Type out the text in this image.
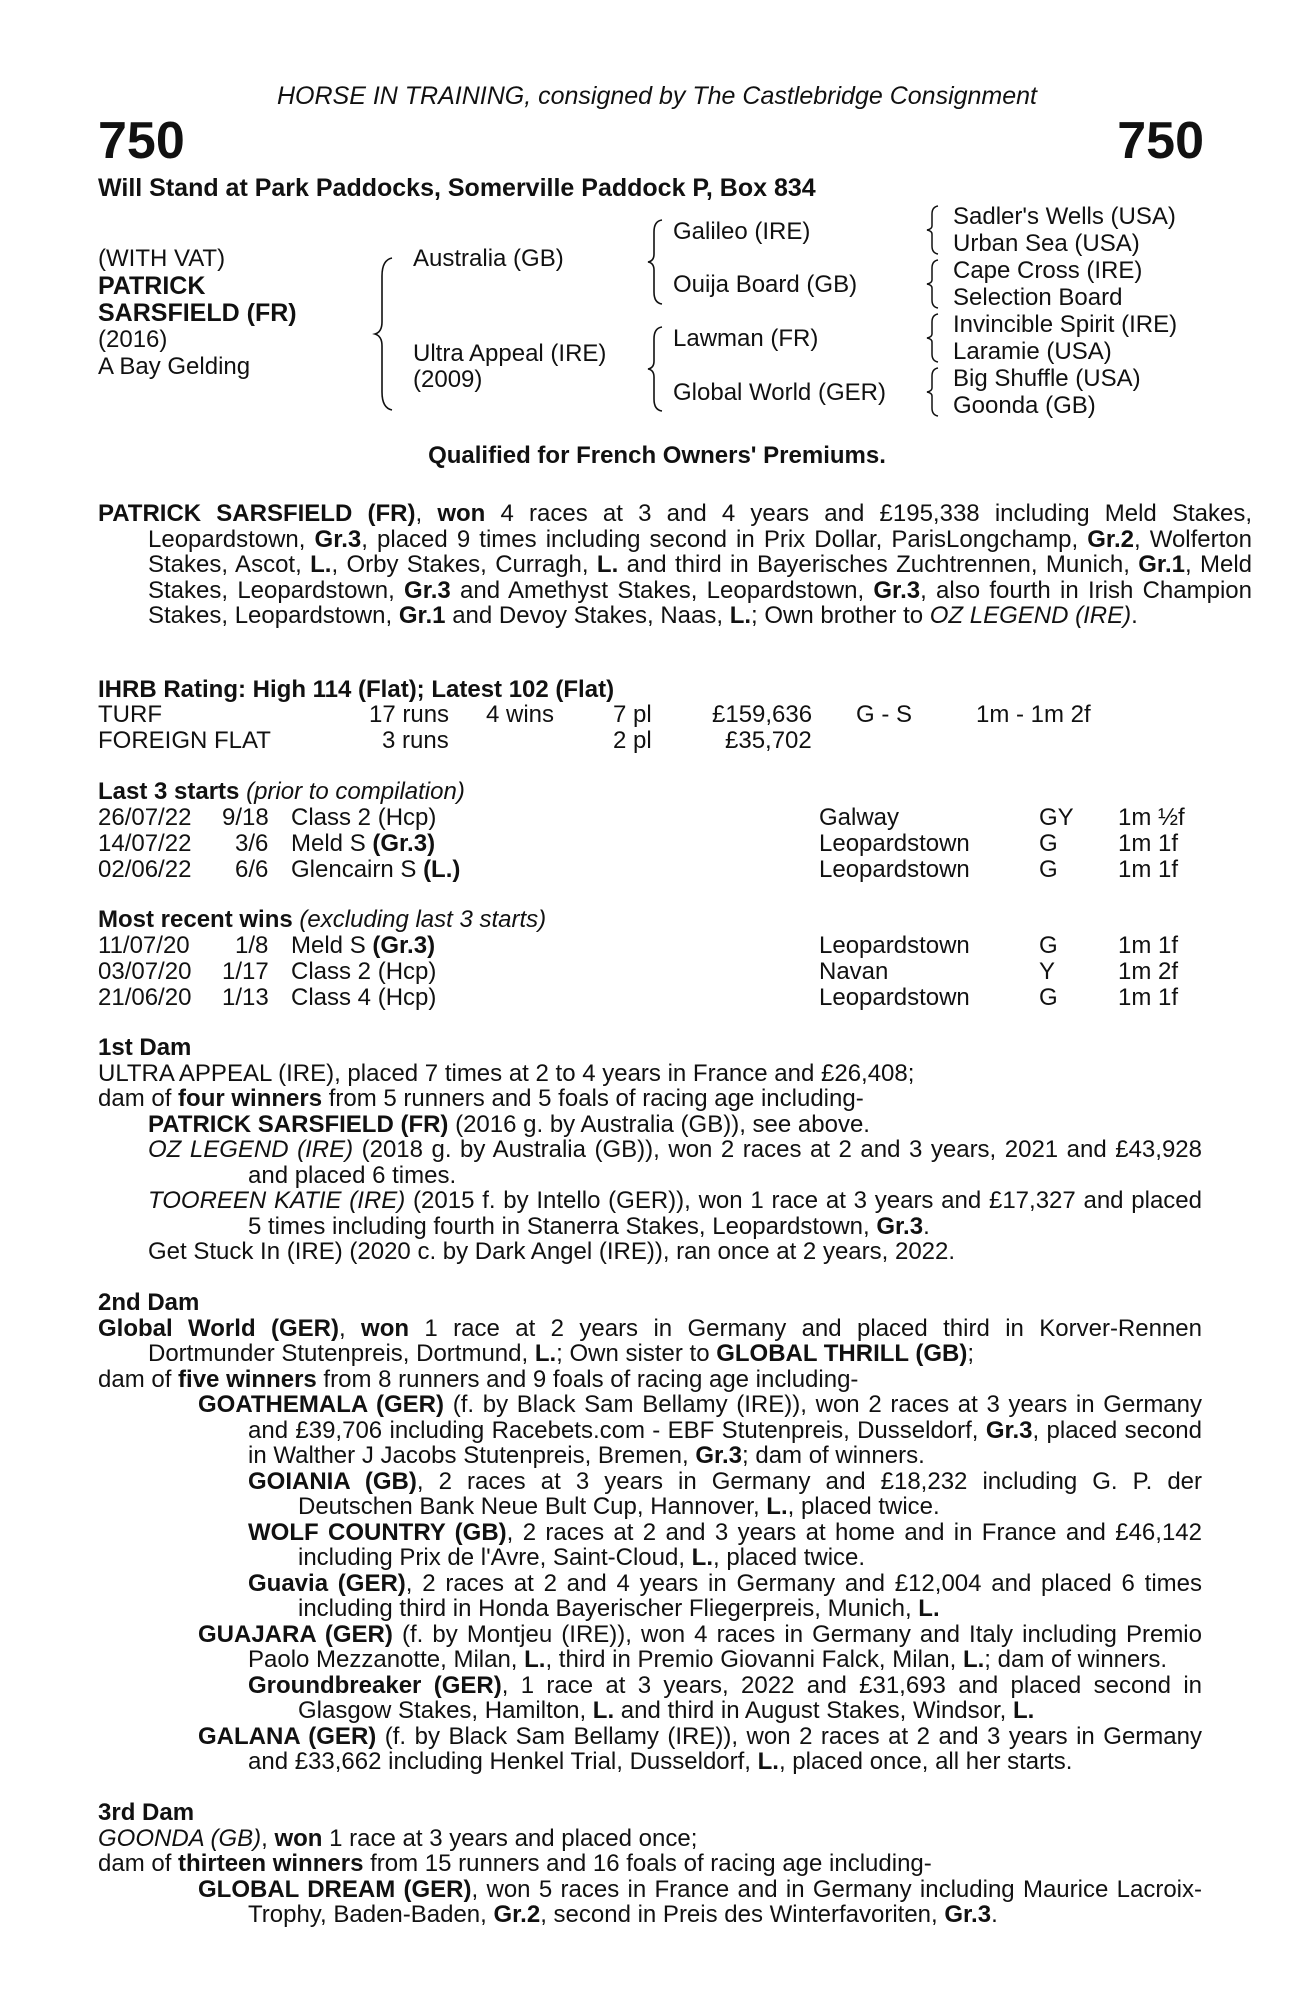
HORSE IN TRAINING, consigned by The Castlebridge Consignment
750	750
Will Stand at Park Paddocks, Somerville Paddock P, Box 834
(WITH VAT)
PATRICK
SARSFIELD (FR)
(2016)
A Bay Gelding
Australia (GB)
Ultra Appeal (IRE)
(2009)
Galileo (IRE)
Ouija Board (GB)
Lawman (FR)
Global World (GER)
Sadler's Wells (USA)
Urban Sea (USA)
Cape Cross (IRE)
Selection Board
Invincible Spirit (IRE)
Laramie (USA)
Big Shuffle (USA)
Goonda (GB)
Qualified for French Owners' Premiums.
PATRICK SARSFIELD (FR), won 4 races at 3 and 4 years and £195,338 including Meld Stakes, Leopardstown, Gr.3, placed 9 times including second in Prix Dollar, ParisLongchamp, Gr.2, Wolferton Stakes, Ascot, L., Orby Stakes, Curragh, L. and third in Bayerisches Zuchtrennen, Munich, Gr.1, Meld Stakes, Leopardstown, Gr.3 and Amethyst Stakes, Leopardstown, Gr.3, also fourth in Irish Champion Stakes, Leopardstown, Gr.1 and Devoy Stakes, Naas, L.; Own brother to OZ LEGEND (IRE).
IHRB Rating: High 114 (Flat); Latest 102 (Flat)
TURF	17 runs 4 wins 7 pl	£159,636 G - S	1m - 1m 2f
FOREIGN FLAT	3 runs	2 pl	£35,702
Last 3 starts (prior to compilation)
26/07/22 9/18 Class 2 (Hcp)	Galway	GY 1m ½f
14/07/22 3/6 Meld S (Gr.3)	Leopardstown	G	1m 1f
02/06/22 6/6 Glencairn S (L.)	Leopardstown	G	1m 1f
Most recent wins (excluding last 3 starts)
11/07/20 1/8 Meld S (Gr.3)	Leopardstown	G	1m 1f
03/07/20 1/17 Class 2 (Hcp)	Navan	Y	1m 2f
21/06/20 1/13 Class 4 (Hcp)	Leopardstown	G	1m 1f
1st Dam
ULTRA APPEAL (IRE), placed 7 times at 2 to 4 years in France and £26,408;
dam of four winners from 5 runners and 5 foals of racing age including-
PATRICK SARSFIELD (FR) (2016 g. by Australia (GB)), see above.
OZ LEGEND (IRE) (2018 g. by Australia (GB)), won 2 races at 2 and 3 years, 2021 and £43,928 and placed 6 times.
TOOREEN KATIE (IRE) (2015 f. by Intello (GER)), won 1 race at 3 years and £17,327 and placed 5 times including fourth in Stanerra Stakes, Leopardstown, Gr.3.
Get Stuck In (IRE) (2020 c. by Dark Angel (IRE)), ran once at 2 years, 2022.
2nd Dam
Global World (GER), won 1 race at 2 years in Germany and placed third in Korver-Rennen Dortmunder Stutenpreis, Dortmund, L.; Own sister to GLOBAL THRILL (GB);
dam of five winners from 8 runners and 9 foals of racing age including-
GOATHEMALA (GER) (f. by Black Sam Bellamy (IRE)), won 2 races at 3 years in Germany and £39,706 including Racebets.com - EBF Stutenpreis, Dusseldorf, Gr.3, placed second in Walther J Jacobs Stutenpreis, Bremen, Gr.3; dam of winners.
GOIANIA (GB), 2 races at 3 years in Germany and £18,232 including G. P. der Deutschen Bank Neue Bult Cup, Hannover, L., placed twice.
WOLF COUNTRY (GB), 2 races at 2 and 3 years at home and in France and £46,142 including Prix de l'Avre, Saint-Cloud, L., placed twice.
Guavia (GER), 2 races at 2 and 4 years in Germany and £12,004 and placed 6 times including third in Honda Bayerischer Fliegerpreis, Munich, L.
GUAJARA (GER) (f. by Montjeu (IRE)), won 4 races in Germany and Italy including Premio Paolo Mezzanotte, Milan, L., third in Premio Giovanni Falck, Milan, L.; dam of winners.
Groundbreaker (GER), 1 race at 3 years, 2022 and £31,693 and placed second in Glasgow Stakes, Hamilton, L. and third in August Stakes, Windsor, L.
GALANA (GER) (f. by Black Sam Bellamy (IRE)), won 2 races at 2 and 3 years in Germany and £33,662 including Henkel Trial, Dusseldorf, L., placed once, all her starts.
3rd Dam
GOONDA (GB), won 1 race at 3 years and placed once;
dam of thirteen winners from 15 runners and 16 foals of racing age including-
GLOBAL DREAM (GER), won 5 races in France and in Germany including Maurice Lacroix-Trophy, Baden-Baden, Gr.2, second in Preis des Winterfavoriten, Gr.3.
